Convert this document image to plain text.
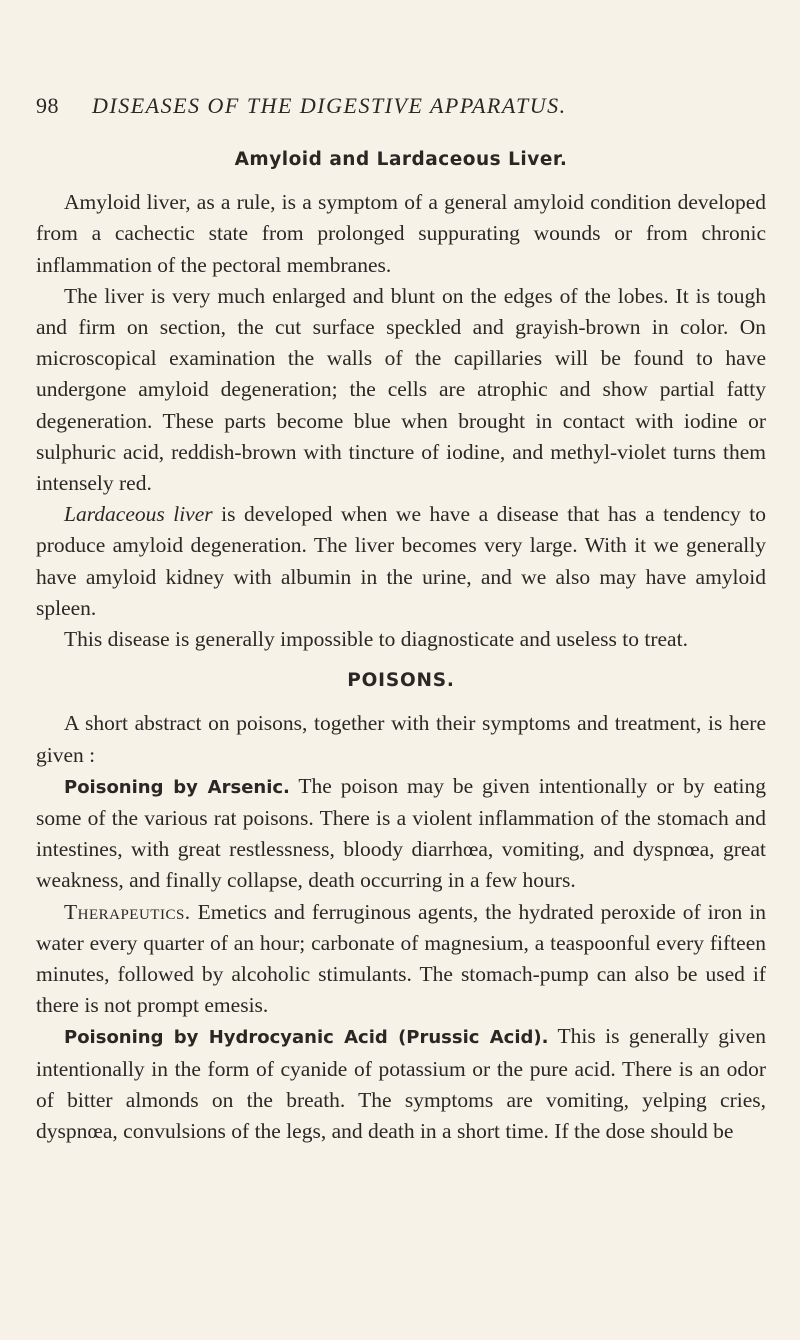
98 DISEASES OF THE DIGESTIVE APPARATUS.
Amyloid and Lardaceous Liver.

Amyloid liver, as a rule, is a symptom of a general amyloid condition developed from a cachectic state from prolonged suppurating wounds or from chronic inflammation of the pectoral membranes.

The liver is very much enlarged and blunt on the edges of the lobes. It is tough and firm on section, the cut surface speckled and grayish-brown in color. On microscopical examination the walls of the capillaries will be found to have undergone amyloid degeneration; the cells are atrophic and show partial fatty degeneration. These parts become blue when brought in contact with iodine or sulphuric acid, reddish-brown with tincture of iodine, and methyl-violet turns them intensely red.

Lardaceous liver is developed when we have a disease that has a tendency to produce amyloid degeneration. The liver becomes very large. With it we generally have amyloid kidney with albumin in the urine, and we also may have amyloid spleen.

This disease is generally impossible to diagnosticate and useless to treat.

POISONS.

A short abstract on poisons, together with their symptoms and treatment, is here given :

Poisoning by Arsenic. The poison may be given intentionally or by eating some of the various rat poisons. There is a violent inflammation of the stomach and intestines, with great restlessness, bloody diarrhœa, vomiting, and dyspnœa, great weakness, and finally collapse, death occurring in a few hours.

Therapeutics. Emetics and ferruginous agents, the hydrated peroxide of iron in water every quarter of an hour; carbonate of magnesium, a teaspoonful every fifteen minutes, followed by alcoholic stimulants. The stomach-pump can also be used if there is not prompt emesis.

Poisoning by Hydrocyanic Acid (Prussic Acid). This is generally given intentionally in the form of cyanide of potassium or the pure acid. There is an odor of bitter almonds on the breath. The symptoms are vomiting, yelping cries, dyspnœa, convulsions of the legs, and death in a short time. If the dose should be
